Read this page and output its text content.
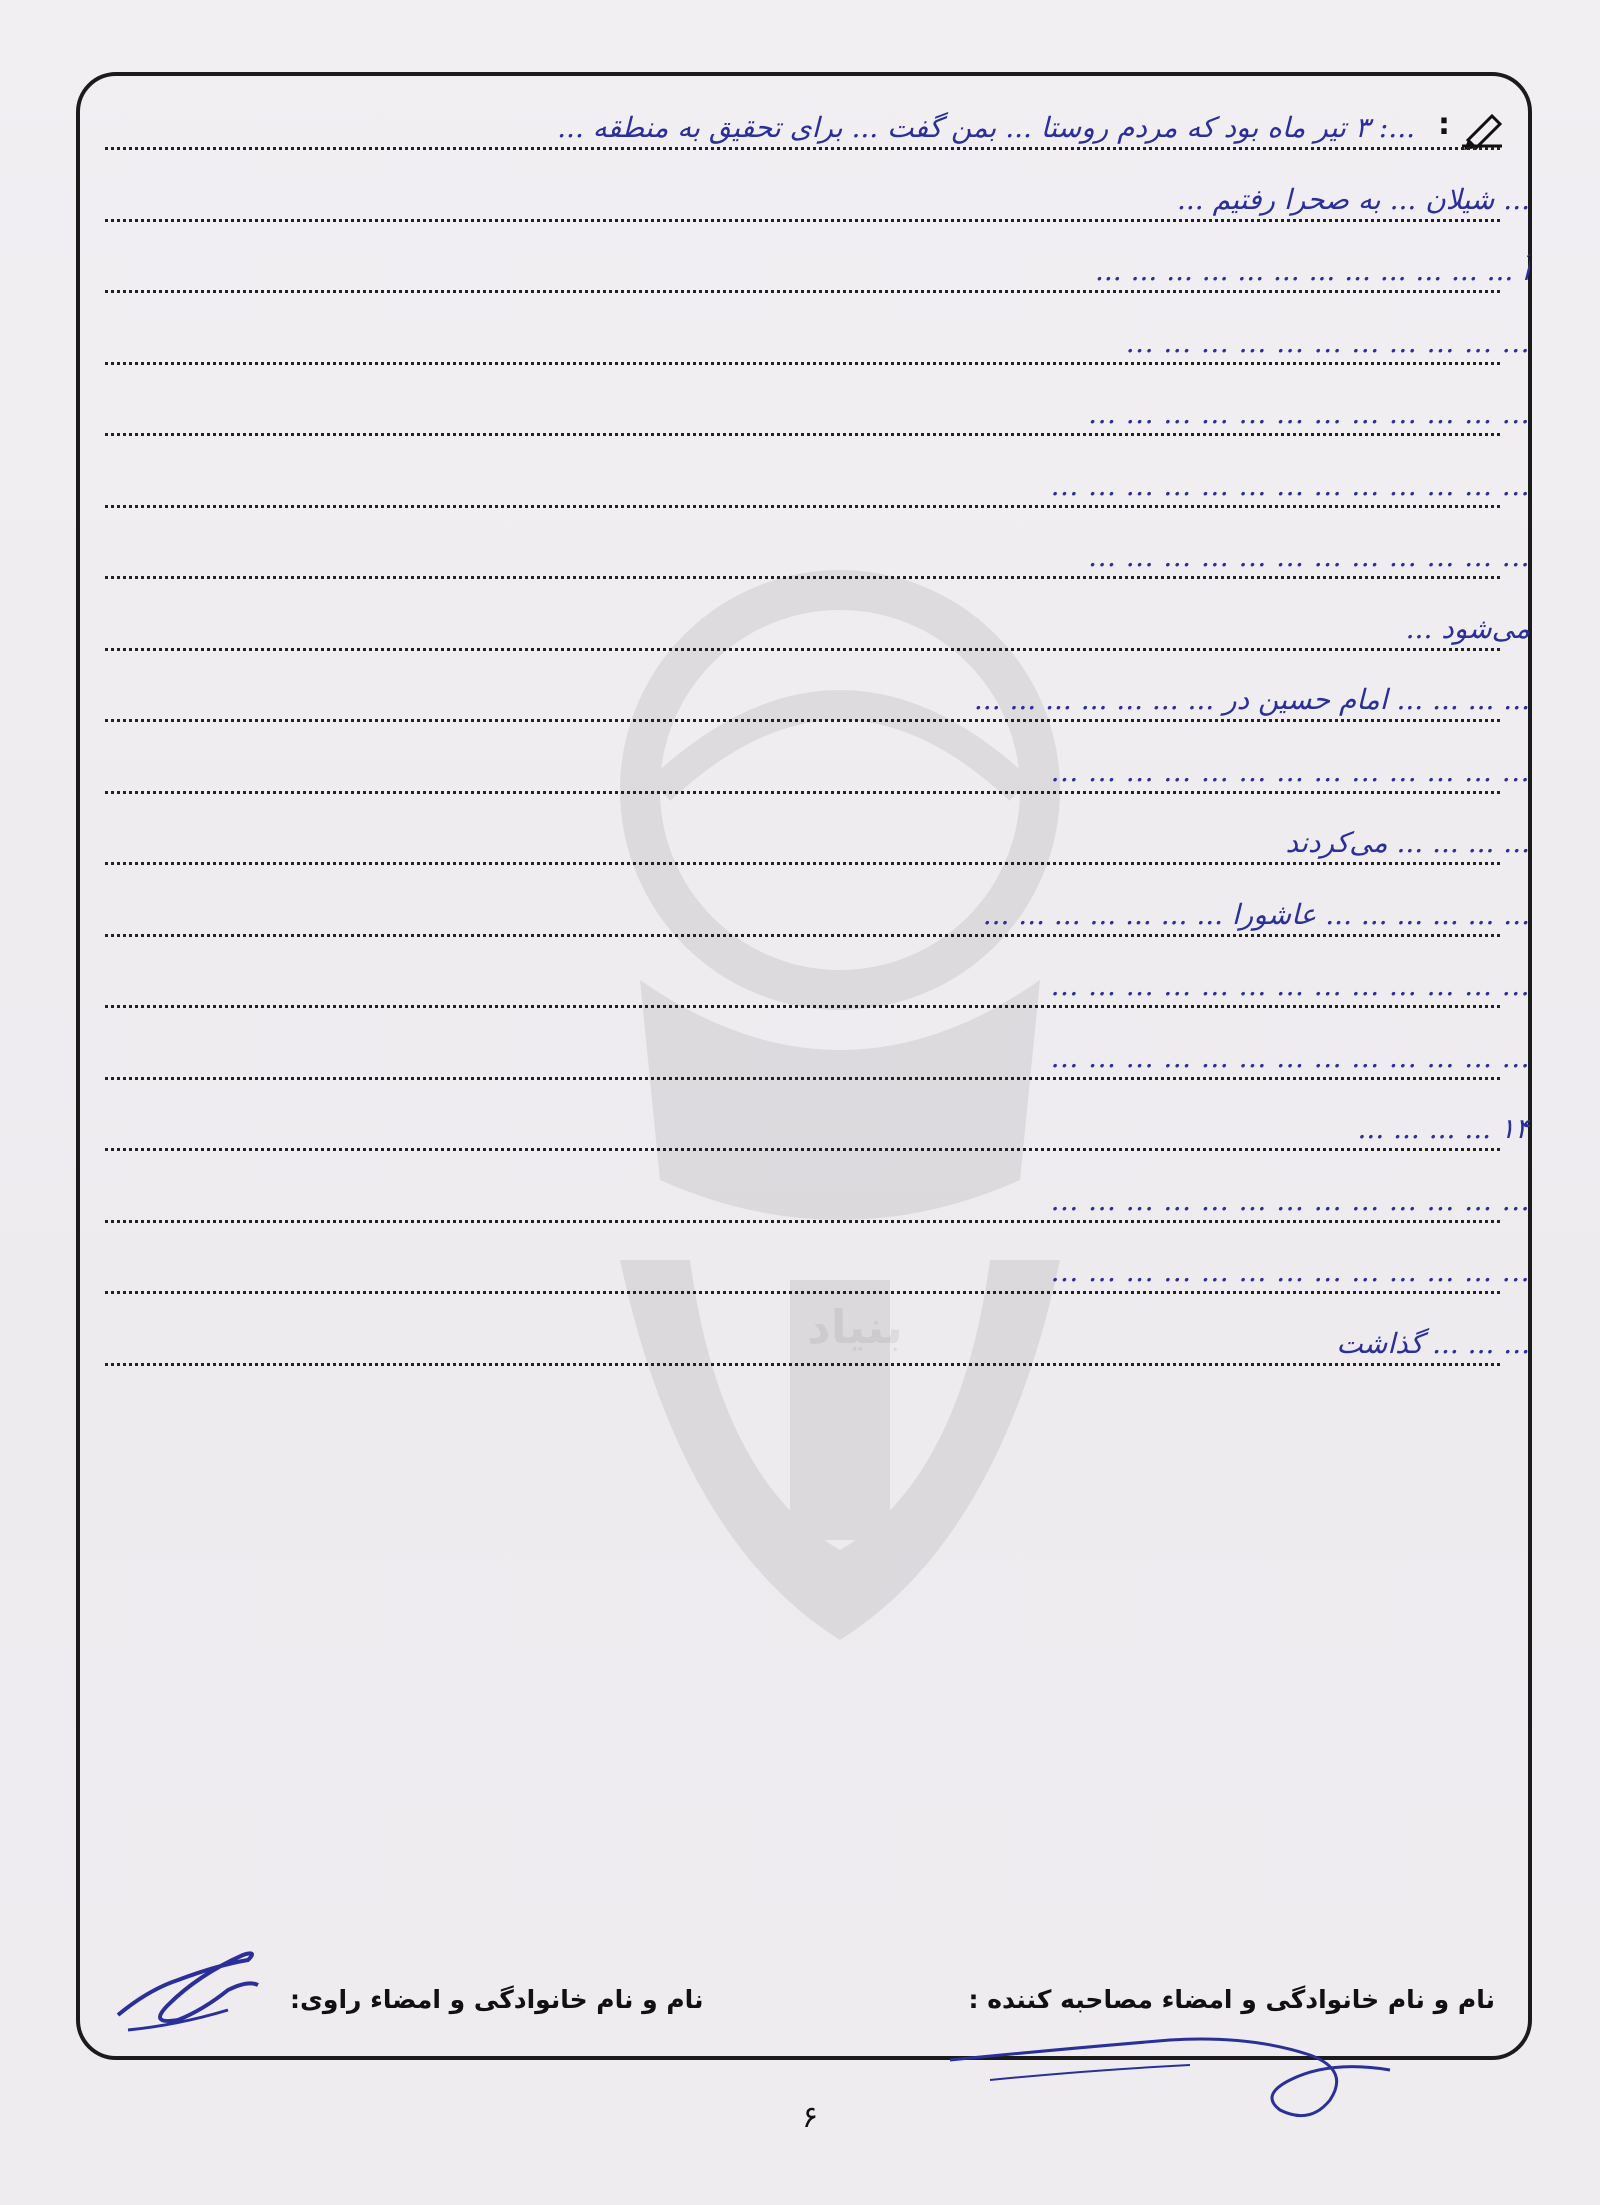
بنیاد
...: ۳ تیر ماه بود که مردم روستا ... بمن گفت ... برای تحقیق به منطقه ... :
... شیلان ... به صحرا رفتیم ...
آ ... ... ... ... ... ... ... ... ... ... ... ...
... ... ... ... ... ... ... ... ... ... ...
... ... ... ... ... ... ... ... ... ... ... ...
... ... ... ... ... ... ... ... ... ... ... ... ...
... ... ... ... ... ... ... ... ... ... ... ...
می‌شود ...
... ... ... ... امام حسین در ... ... ... ... ... ... ...
... ... ... ... ... ... ... ... ... ... ... ... ...
... ... ... ... می‌کردند
... ... ... ... ... ... عاشورا ... ... ... ... ... ... ...
... ... ... ... ... ... ... ... ... ... ... ... ...
... ... ... ... ... ... ... ... ... ... ... ... ...
۱۴ ... ... ... ...
... ... ... ... ... ... ... ... ... ... ... ... ...
... ... ... ... ... ... ... ... ... ... ... ... ...
... ... ... گذاشت
نام و نام خانوادگی و امضاء مصاحبه کننده :
نام و نام خانوادگی و امضاء راوی:
۶
